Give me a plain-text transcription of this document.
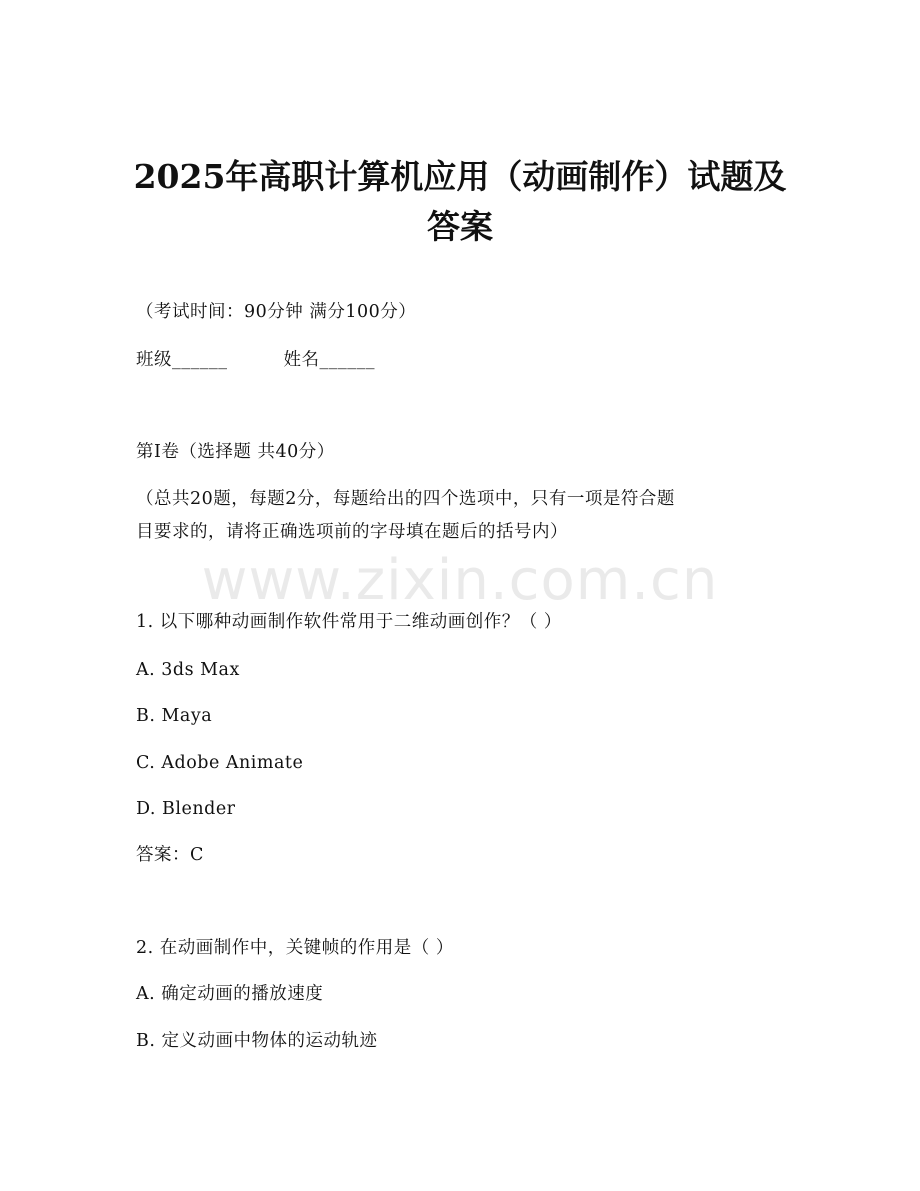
2025年高职计算机应用（动画制作）试题及
答案
（考试时间：90分钟 满分100分）
班级______	姓名______
第I卷（选择题 共40分）
（总共20题，每题2分，每题给出的四个选项中，只有一项是符合题
目要求的，请将正确选项前的字母填在题后的括号内）
www.zixin.com.cn
1. 以下哪种动画制作软件常用于二维动画创作？（ ）
A. 3ds Max
B. Maya
C. Adobe Animate
D. Blender
答案：C
2. 在动画制作中，关键帧的作用是（ ）
A. 确定动画的播放速度
B. 定义动画中物体的运动轨迹
